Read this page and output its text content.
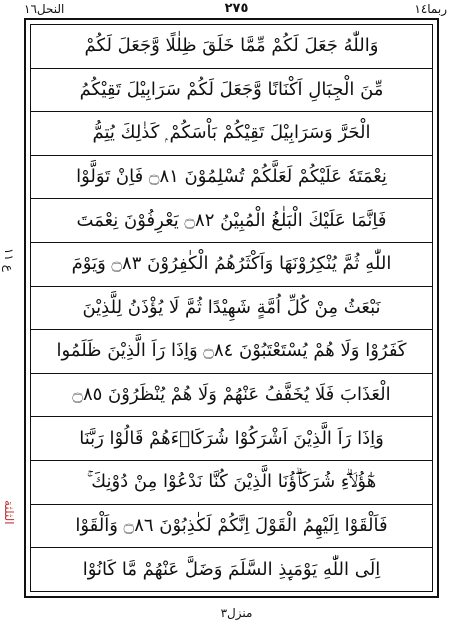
النحل١٦	٢٧٥	ربما١٤
ع ١١
الثلثة
وَاللّٰهُ جَعَلَ لَكُمْ مِّمَّا خَلَقَ ظِلٰلًا وَّجَعَلَ لَكُمْ
مِّنَ الْجِبَالِ اَكْنَانًا وَّجَعَلَ لَكُمْ سَرَابِيْلَ تَقِيْكُمُ
الْحَرَّ وَسَرَابِيْلَ تَقِيْكُمْ بَاْسَكُمْ ۭ كَذٰلِكَ يُتِمُّ
نِعْمَتَهٗ عَلَيْكُمْ لَعَلَّكُمْ تُسْلِمُوْنَ ۝٨١ فَاِنْ تَوَلَّوْا
فَاِنَّمَا عَلَيْكَ الْبَلٰغُ الْمُبِيْنُ ۝٨٢ يَعْرِفُوْنَ نِعْمَتَ
اللّٰهِ ثُمَّ يُنْكِرُوْنَهَا وَاَكْثَرُهُمُ الْكٰفِرُوْنَ ۝٨٣ وَيَوْمَ
نَبْعَثُ مِنْ كُلِّ اُمَّةٍ شَهِيْدًا ثُمَّ لَا يُؤْذَنُ لِلَّذِيْنَ
كَفَرُوْا وَلَا هُمْ يُسْتَعْتَبُوْنَ ۝٨٤ وَاِذَا رَاَ الَّذِيْنَ ظَلَمُوا
الْعَذَابَ فَلَا يُخَفَّفُ عَنْهُمْ وَلَا هُمْ يُنْظَرُوْنَ ۝٨٥
وَاِذَا رَاَ الَّذِيْنَ اَشْرَكُوْا شُرَكَاۗءَهُمْ قَالُوْا رَبَّنَا
هٰٓؤُلَاۗءِ شُرَكَاۗؤُنَا الَّذِيْنَ كُنَّا نَدْعُوْا مِنْ دُوْنِكَ ۚ
فَاَلْقَوْا اِلَيْهِمُ الْقَوْلَ اِنَّكُمْ لَكٰذِبُوْنَ ۝٨٦ وَاَلْقَوْا
اِلَى اللّٰهِ يَوْمَىِٕذِ السَّلَمَ وَضَلَّ عَنْهُمْ مَّا كَانُوْا
منزل٣
